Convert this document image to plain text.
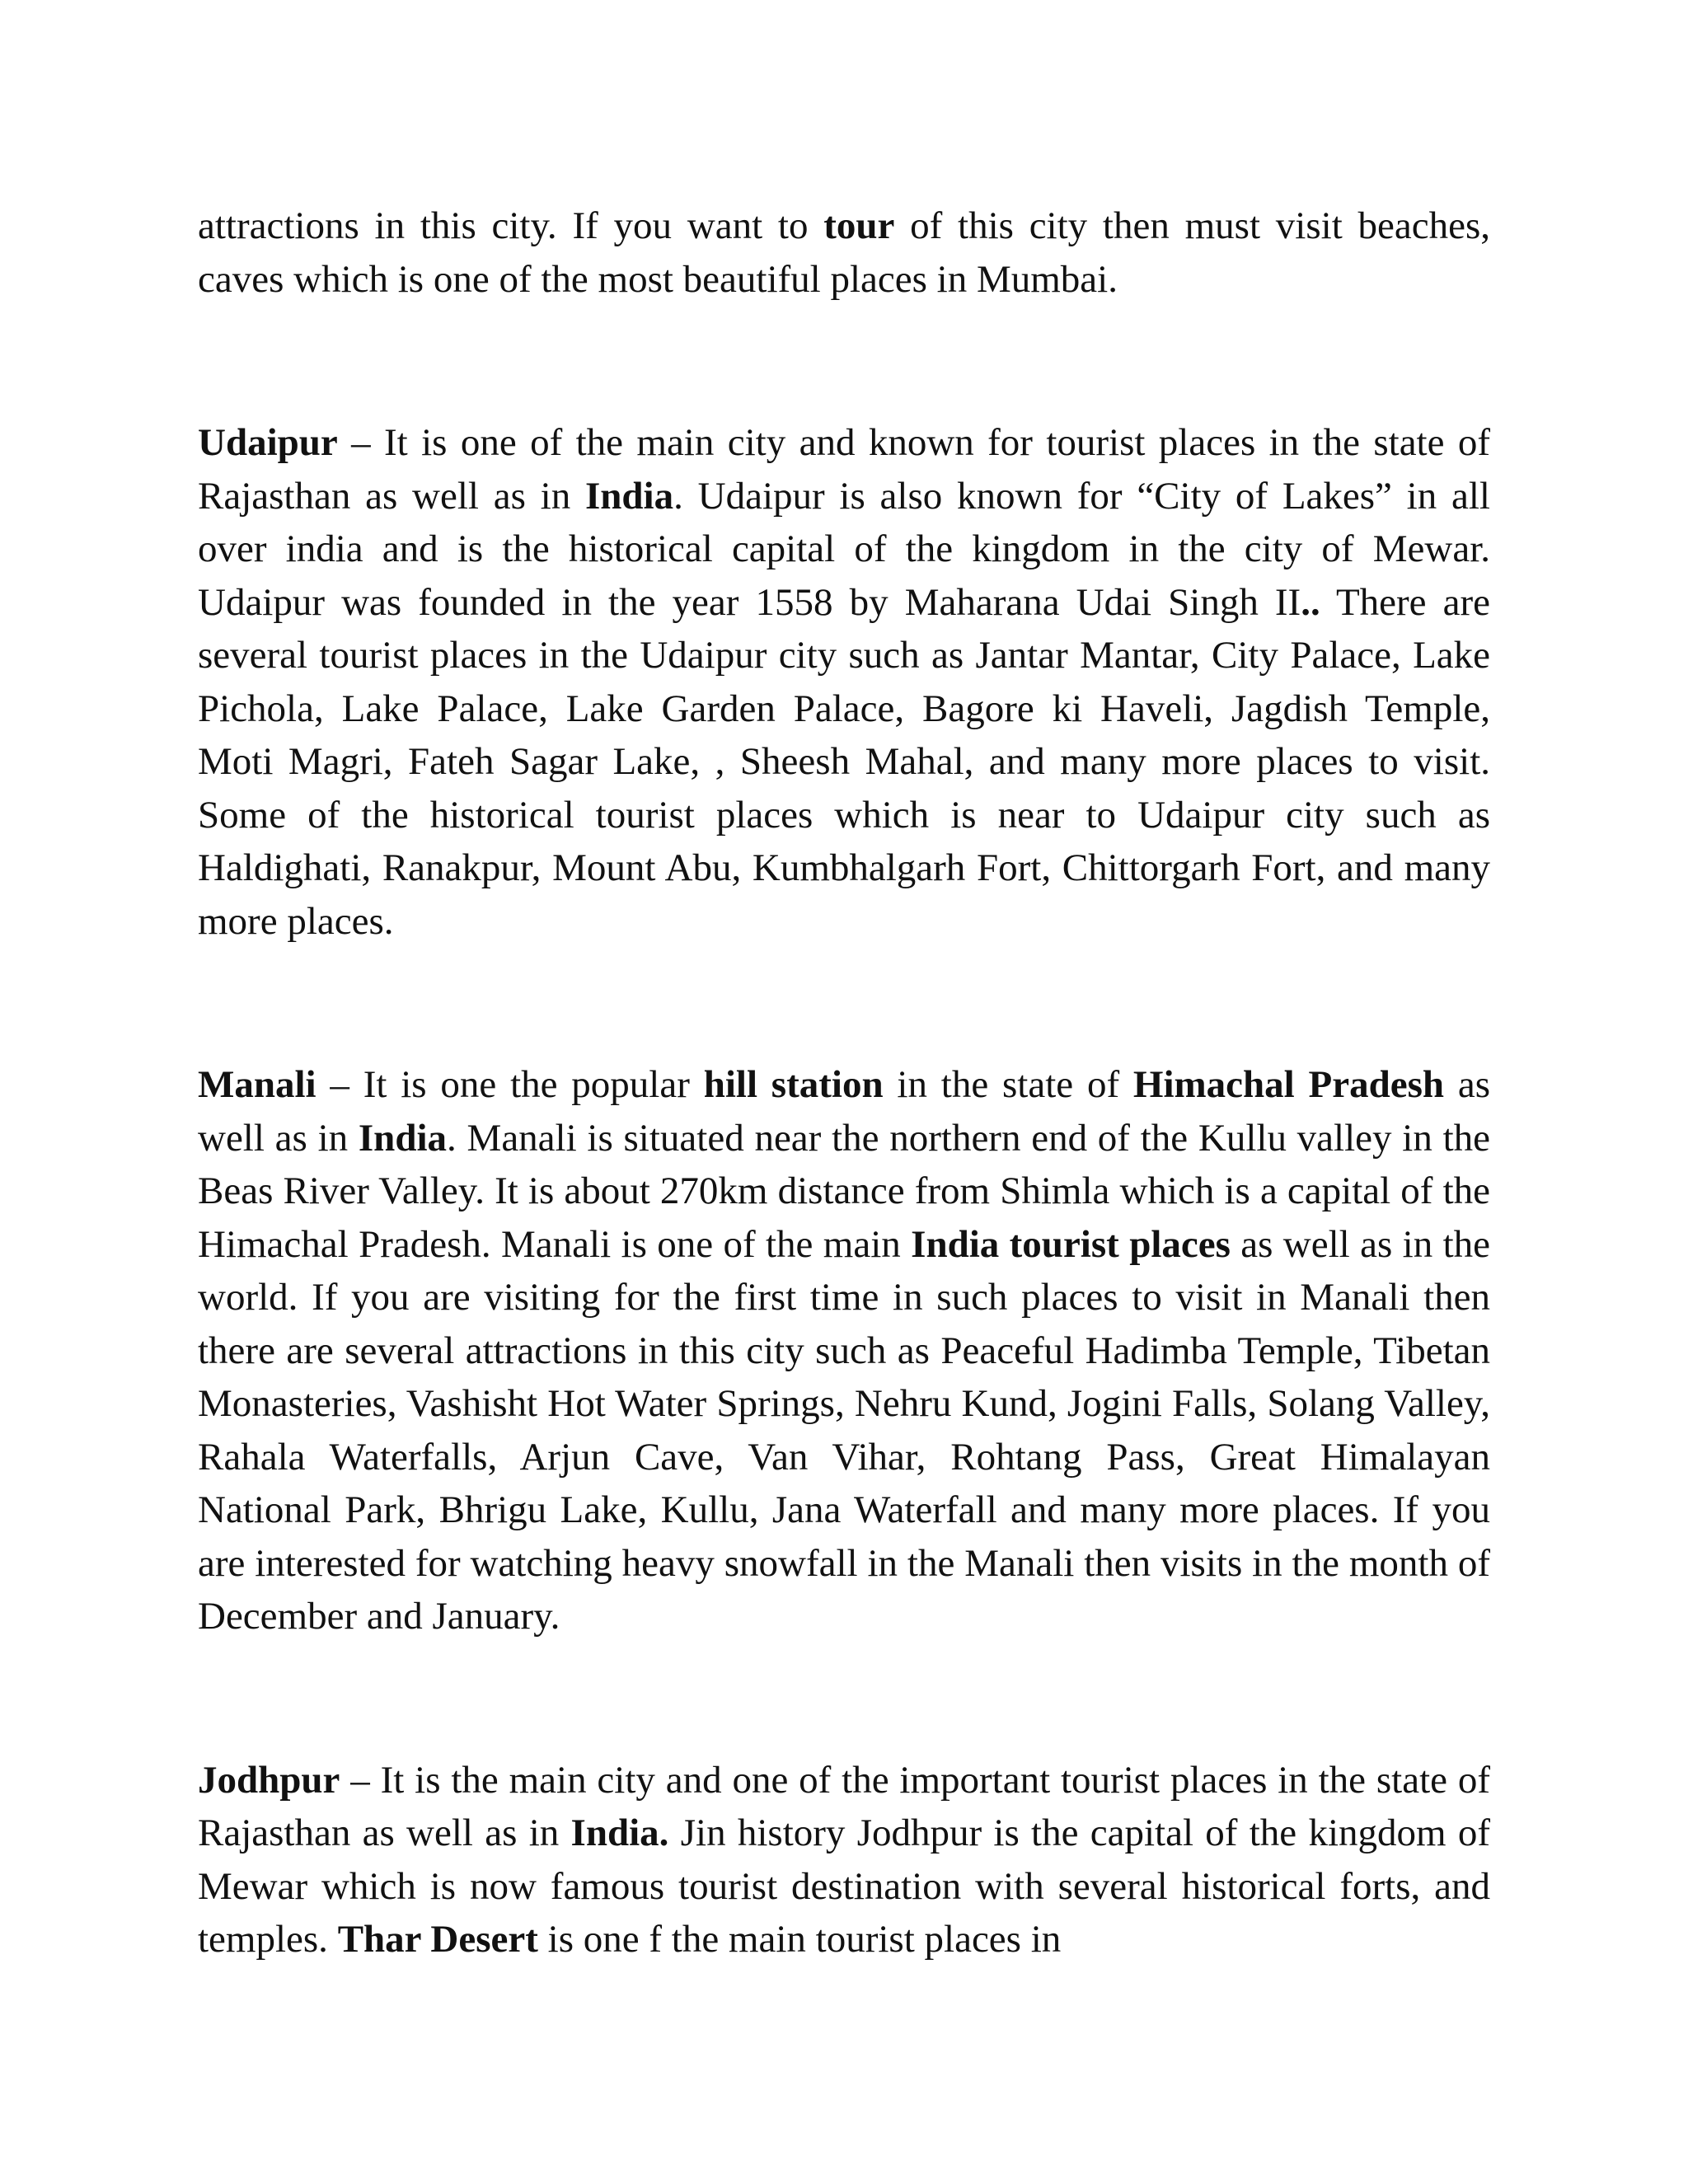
attractions in this city. If you want to tour of this city then must visit beaches, caves which is one of the most beautiful places in Mumbai.

Udaipur – It is one of the main city and known for tourist places in the state of Rajasthan as well as in India. Udaipur is also known for “City of Lakes” in all over india and is the historical capital of the kingdom in the city of Mewar. Udaipur was founded in the year 1558 by Maharana Udai Singh II.. There are several tourist places in the Udaipur city such as Jantar Mantar, City Palace, Lake Pichola, Lake Palace, Lake Garden Palace, Bagore ki Haveli, Jagdish Temple, Moti Magri, Fateh Sagar Lake, , Sheesh Mahal, and many more places to visit. Some of the historical tourist places which is near to Udaipur city such as Haldighati, Ranakpur, Mount Abu, Kumbhalgarh Fort, Chittorgarh Fort, and many more places.

Manali – It is one the popular hill station in the state of Himachal Pradesh as well as in India. Manali is situated near the northern end of the Kullu valley in the Beas River Valley. It is about 270km distance from Shimla which is a capital of the Himachal Pradesh. Manali is one of the main India tourist places as well as in the world. If you are visiting for the first time in such places to visit in Manali then there are several attractions in this city such as Peaceful Hadimba Temple, Tibetan Monasteries, Vashisht Hot Water Springs, Nehru Kund, Jogini Falls, Solang Valley, Rahala Waterfalls, Arjun Cave, Van Vihar, Rohtang Pass, Great Himalayan National Park, Bhrigu Lake, Kullu, Jana Waterfall and many more places. If you are interested for watching heavy snowfall in the Manali then visits in the month of December and January.

Jodhpur – It is the main city and one of the important tourist places in the state of Rajasthan as well as in India. Jin history Jodhpur is the capital of the kingdom of Mewar which is now famous tourist destination with several historical forts, and temples. Thar Desert is one f the main tourist places in
